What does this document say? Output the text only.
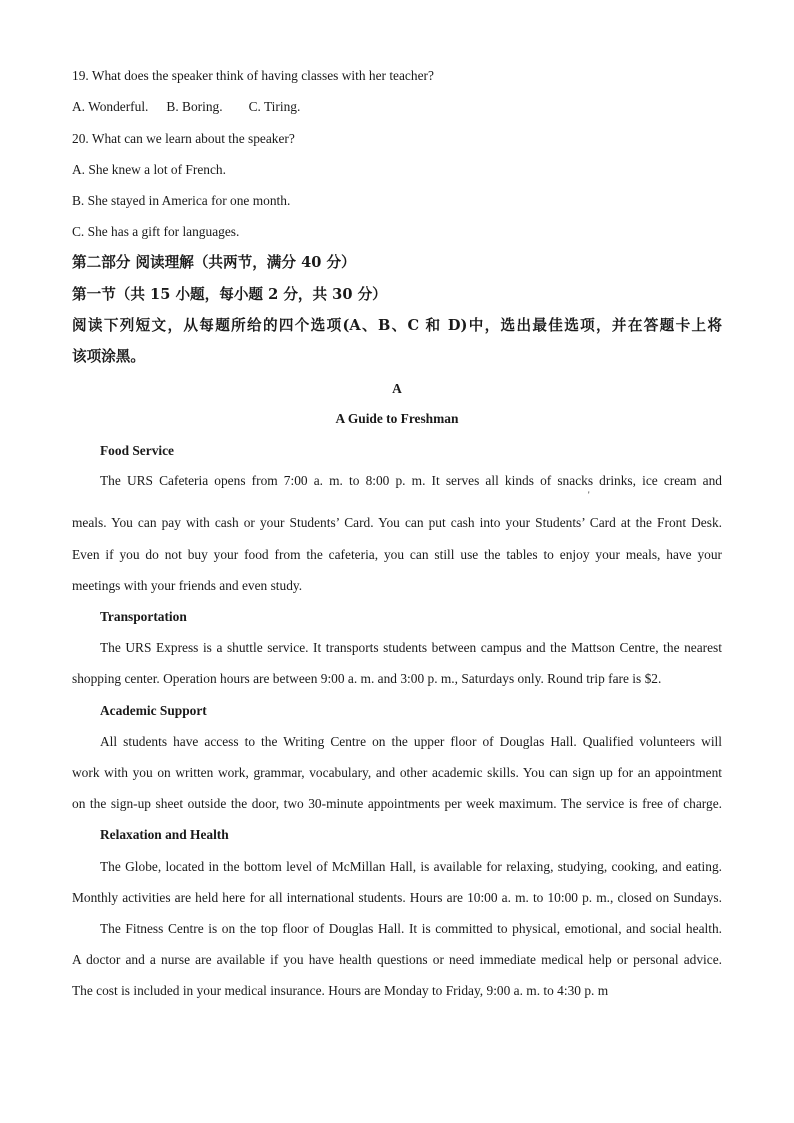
19. What does the speaker think of having classes with her teacher?
A. Wonderful. B. Boring. C. Tiring.
20. What can we learn about the speaker?
A. She knew a lot of French.
B. She stayed in America for one month.
C. She has a gift for languages.
第二部分 阅读理解（共两节，满分 40 分）
第一节（共 15 小题，每小题 2 分，共 30 分）
阅读下列短文，从每题所给的四个选项(A、B、C 和 D)中，选出最佳选项，并在答题卡上将
该项涂黑。
A
A Guide to Freshman
Food Service
The URS Cafeteria opens from 7:00 a. m. to 8:00 p. m. It serves all kinds of snacks drinks, ice cream and
'
meals. You can pay with cash or your Students’ Card. You can put cash into your Students’ Card at the Front Desk.
Even if you do not buy your food from the cafeteria, you can still use the tables to enjoy your meals, have your
meetings with your friends and even study.
Transportation
The URS Express is a shuttle service. It transports students between campus and the Mattson Centre, the nearest
shopping center. Operation hours are between 9:00 a. m. and 3:00 p. m., Saturdays only. Round trip fare is $2.
Academic Support
All students have access to the Writing Centre on the upper floor of Douglas Hall. Qualified volunteers will
work with you on written work, grammar, vocabulary, and other academic skills. You can sign up for an appointment
on the sign-up sheet outside the door, two 30-minute appointments per week maximum. The service is free of charge.
Relaxation and Health
The Globe, located in the bottom level of McMillan Hall, is available for relaxing, studying, cooking, and eating.
Monthly activities are held here for all international students. Hours are 10:00 a. m. to 10:00 p. m., closed on Sundays.
The Fitness Centre is on the top floor of Douglas Hall. It is committed to physical, emotional, and social health.
A doctor and a nurse are available if you have health questions or need immediate medical help or personal advice.
The cost is included in your medical insurance. Hours are Monday to Friday, 9:00 a. m. to 4:30 p. m
